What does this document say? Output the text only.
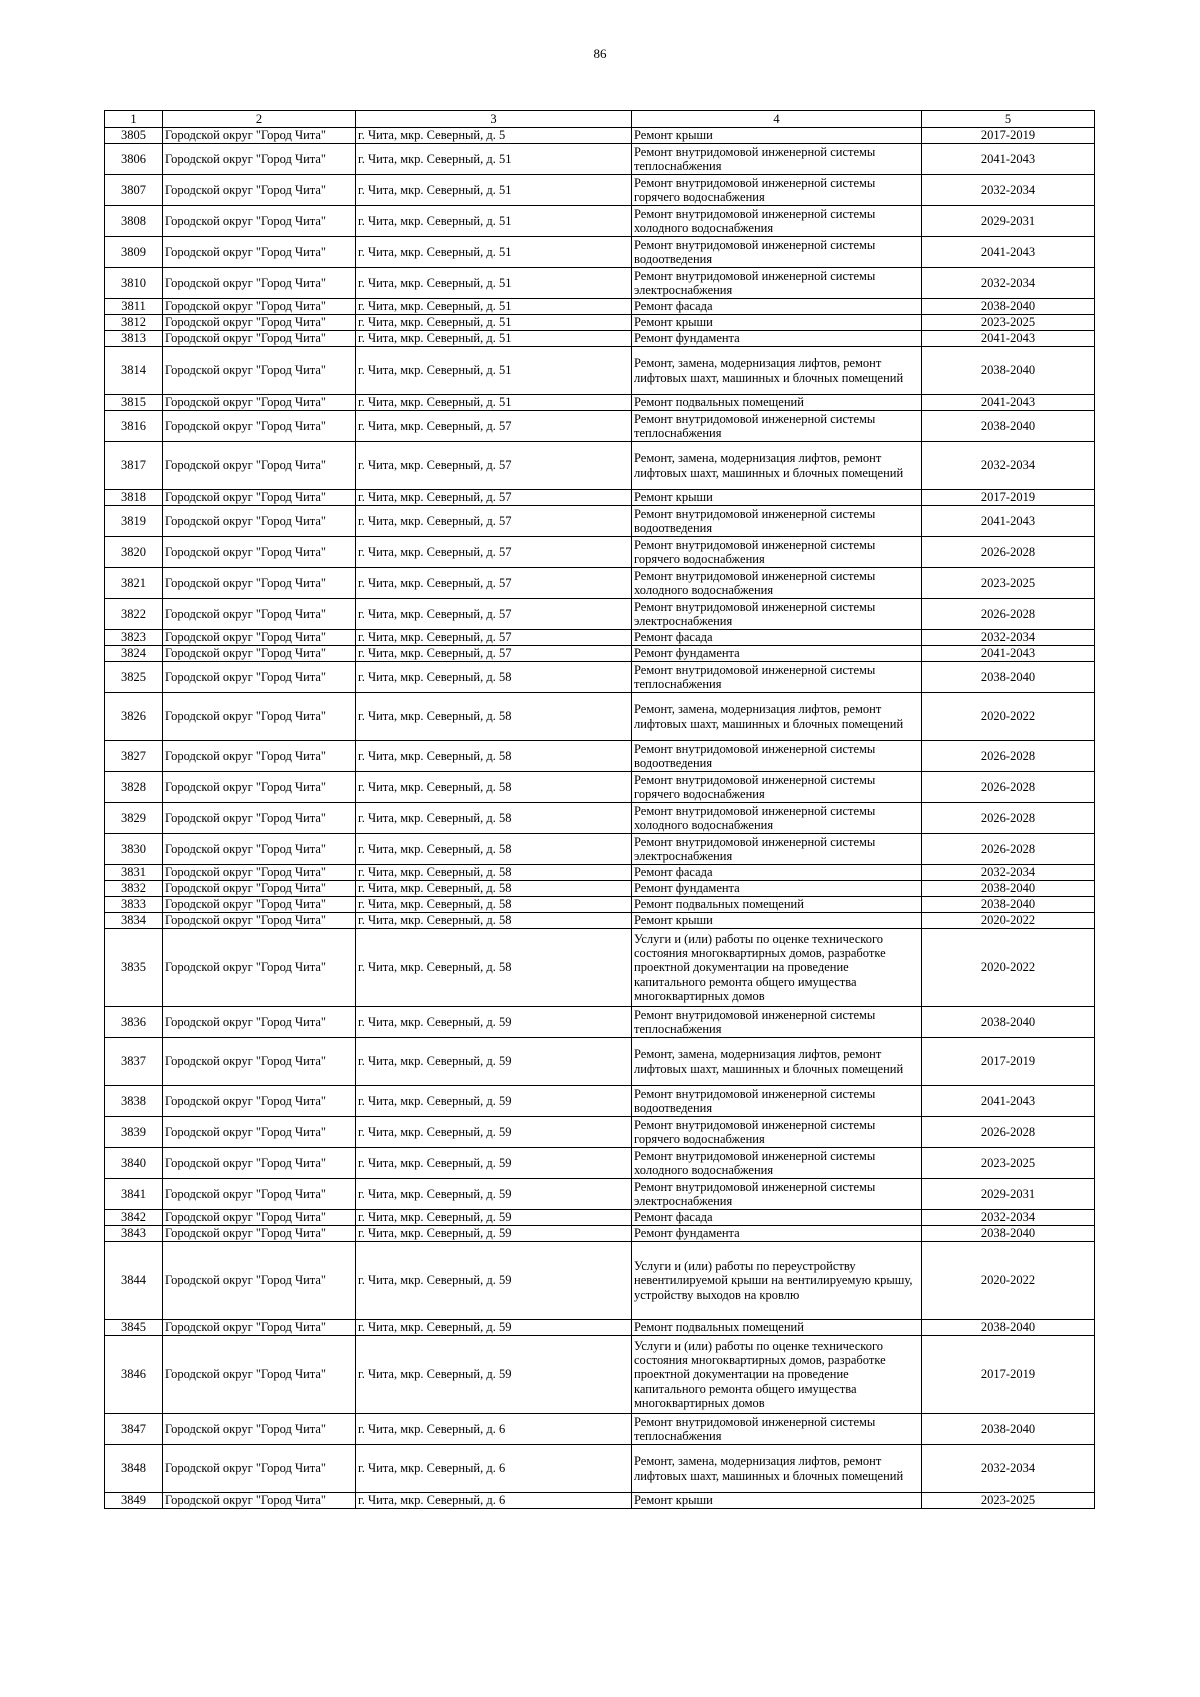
86
1	2	3	4	5
3805	Городской округ "Город Чита"	г. Чита, мкр. Северный, д. 5	Ремонт крыши	2017-2019
3806	Городской округ "Город Чита"	г. Чита, мкр. Северный, д. 51	Ремонт внутридомовой инженерной системы теплоснабжения	2041-2043
3807	Городской округ "Город Чита"	г. Чита, мкр. Северный, д. 51	Ремонт внутридомовой инженерной системы горячего водоснабжения	2032-2034
3808	Городской округ "Город Чита"	г. Чита, мкр. Северный, д. 51	Ремонт внутридомовой инженерной системы холодного водоснабжения	2029-2031
3809	Городской округ "Город Чита"	г. Чита, мкр. Северный, д. 51	Ремонт внутридомовой инженерной системы водоотведения	2041-2043
3810	Городской округ "Город Чита"	г. Чита, мкр. Северный, д. 51	Ремонт внутридомовой инженерной системы электроснабжения	2032-2034
3811	Городской округ "Город Чита"	г. Чита, мкр. Северный, д. 51	Ремонт фасада	2038-2040
3812	Городской округ "Город Чита"	г. Чита, мкр. Северный, д. 51	Ремонт крыши	2023-2025
3813	Городской округ "Город Чита"	г. Чита, мкр. Северный, д. 51	Ремонт фундамента	2041-2043
3814	Городской округ "Город Чита"	г. Чита, мкр. Северный, д. 51	Ремонт, замена, модернизация лифтов, ремонт лифтовых шахт, машинных и блочных помещений	2038-2040
3815	Городской округ "Город Чита"	г. Чита, мкр. Северный, д. 51	Ремонт подвальных помещений	2041-2043
3816	Городской округ "Город Чита"	г. Чита, мкр. Северный, д. 57	Ремонт внутридомовой инженерной системы теплоснабжения	2038-2040
3817	Городской округ "Город Чита"	г. Чита, мкр. Северный, д. 57	Ремонт, замена, модернизация лифтов, ремонт лифтовых шахт, машинных и блочных помещений	2032-2034
3818	Городской округ "Город Чита"	г. Чита, мкр. Северный, д. 57	Ремонт крыши	2017-2019
3819	Городской округ "Город Чита"	г. Чита, мкр. Северный, д. 57	Ремонт внутридомовой инженерной системы водоотведения	2041-2043
3820	Городской округ "Город Чита"	г. Чита, мкр. Северный, д. 57	Ремонт внутридомовой инженерной системы горячего водоснабжения	2026-2028
3821	Городской округ "Город Чита"	г. Чита, мкр. Северный, д. 57	Ремонт внутридомовой инженерной системы холодного водоснабжения	2023-2025
3822	Городской округ "Город Чита"	г. Чита, мкр. Северный, д. 57	Ремонт внутридомовой инженерной системы электроснабжения	2026-2028
3823	Городской округ "Город Чита"	г. Чита, мкр. Северный, д. 57	Ремонт фасада	2032-2034
3824	Городской округ "Город Чита"	г. Чита, мкр. Северный, д. 57	Ремонт фундамента	2041-2043
3825	Городской округ "Город Чита"	г. Чита, мкр. Северный, д. 58	Ремонт внутридомовой инженерной системы теплоснабжения	2038-2040
3826	Городской округ "Город Чита"	г. Чита, мкр. Северный, д. 58	Ремонт, замена, модернизация лифтов, ремонт лифтовых шахт, машинных и блочных помещений	2020-2022
3827	Городской округ "Город Чита"	г. Чита, мкр. Северный, д. 58	Ремонт внутридомовой инженерной системы водоотведения	2026-2028
3828	Городской округ "Город Чита"	г. Чита, мкр. Северный, д. 58	Ремонт внутридомовой инженерной системы горячего водоснабжения	2026-2028
3829	Городской округ "Город Чита"	г. Чита, мкр. Северный, д. 58	Ремонт внутридомовой инженерной системы холодного водоснабжения	2026-2028
3830	Городской округ "Город Чита"	г. Чита, мкр. Северный, д. 58	Ремонт внутридомовой инженерной системы электроснабжения	2026-2028
3831	Городской округ "Город Чита"	г. Чита, мкр. Северный, д. 58	Ремонт фасада	2032-2034
3832	Городской округ "Город Чита"	г. Чита, мкр. Северный, д. 58	Ремонт фундамента	2038-2040
3833	Городской округ "Город Чита"	г. Чита, мкр. Северный, д. 58	Ремонт подвальных помещений	2038-2040
3834	Городской округ "Город Чита"	г. Чита, мкр. Северный, д. 58	Ремонт крыши	2020-2022
3835	Городской округ "Город Чита"	г. Чита, мкр. Северный, д. 58	Услуги и (или) работы по оценке технического состояния многоквартирных домов, разработке проектной документации на проведение капитального ремонта общего имущества многоквартирных домов	2020-2022
3836	Городской округ "Город Чита"	г. Чита, мкр. Северный, д. 59	Ремонт внутридомовой инженерной системы теплоснабжения	2038-2040
3837	Городской округ "Город Чита"	г. Чита, мкр. Северный, д. 59	Ремонт, замена, модернизация лифтов, ремонт лифтовых шахт, машинных и блочных помещений	2017-2019
3838	Городской округ "Город Чита"	г. Чита, мкр. Северный, д. 59	Ремонт внутридомовой инженерной системы водоотведения	2041-2043
3839	Городской округ "Город Чита"	г. Чита, мкр. Северный, д. 59	Ремонт внутридомовой инженерной системы горячего водоснабжения	2026-2028
3840	Городской округ "Город Чита"	г. Чита, мкр. Северный, д. 59	Ремонт внутридомовой инженерной системы холодного водоснабжения	2023-2025
3841	Городской округ "Город Чита"	г. Чита, мкр. Северный, д. 59	Ремонт внутридомовой инженерной системы электроснабжения	2029-2031
3842	Городской округ "Город Чита"	г. Чита, мкр. Северный, д. 59	Ремонт фасада	2032-2034
3843	Городской округ "Город Чита"	г. Чита, мкр. Северный, д. 59	Ремонт фундамента	2038-2040
3844	Городской округ "Город Чита"	г. Чита, мкр. Северный, д. 59	Услуги и (или) работы по переустройству невентилируемой крыши на вентилируемую крышу, устройству выходов на кровлю	2020-2022
3845	Городской округ "Город Чита"	г. Чита, мкр. Северный, д. 59	Ремонт подвальных помещений	2038-2040
3846	Городской округ "Город Чита"	г. Чита, мкр. Северный, д. 59	Услуги и (или) работы по оценке технического состояния многоквартирных домов, разработке проектной документации на проведение капитального ремонта общего имущества многоквартирных домов	2017-2019
3847	Городской округ "Город Чита"	г. Чита, мкр. Северный, д. 6	Ремонт внутридомовой инженерной системы теплоснабжения	2038-2040
3848	Городской округ "Город Чита"	г. Чита, мкр. Северный, д. 6	Ремонт, замена, модернизация лифтов, ремонт лифтовых шахт, машинных и блочных помещений	2032-2034
3849	Городской округ "Город Чита"	г. Чита, мкр. Северный, д. 6	Ремонт крыши	2023-2025
